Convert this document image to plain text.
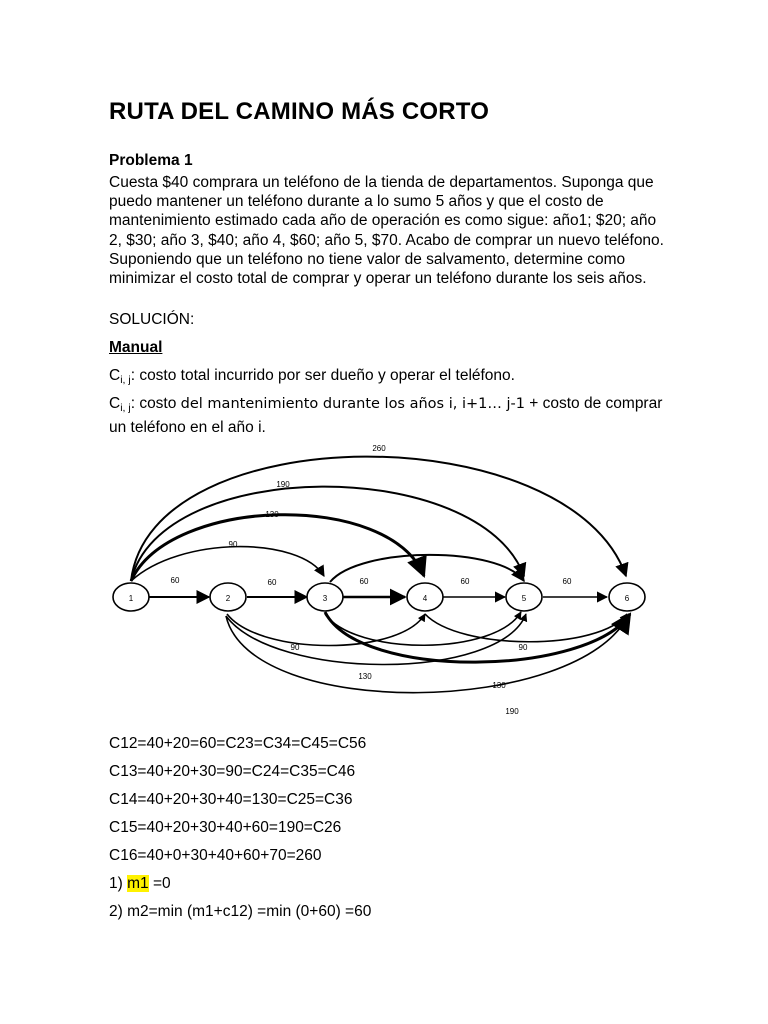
RUTA DEL CAMINO MÁS CORTO
Problema 1

Cuesta $40 comprara un teléfono de la tienda de departamentos. Suponga que puedo mantener un teléfono durante a lo sumo 5 años y que el costo de mantenimiento estimado cada año de operación es como sigue: año1; $20; año 2, $30; año 3, $40; año 4, $60; año 5, $70. Acabo de comprar un nuevo teléfono. Suponiendo que un teléfono no tiene valor de salvamento, determine como minimizar el costo total de comprar y operar un teléfono durante los seis años.

SOLUCIÓN:

Manual

$C_{i, j}$: costo total incurrido por ser dueño y operar el teléfono.

$C_{i, j}$: costo del mantenimiento durante los años i, i+1… j-1 + costo de comprar un teléfono en el año i.

1	2	3	4	5	6
260
190
130
90
60	60	60	60	60
90	90
130
130
190

C12=40+20=60=C23=C34=C45=C56

C13=40+20+30=90=C24=C35=C46

C14=40+20+30+40=130=C25=C36

C15=40+20+30+40+60=190=C26

C16=40+0+30+40+60+70=260

1) m1 =0

2) m2=min (m1+c12) =min (0+60) =60
